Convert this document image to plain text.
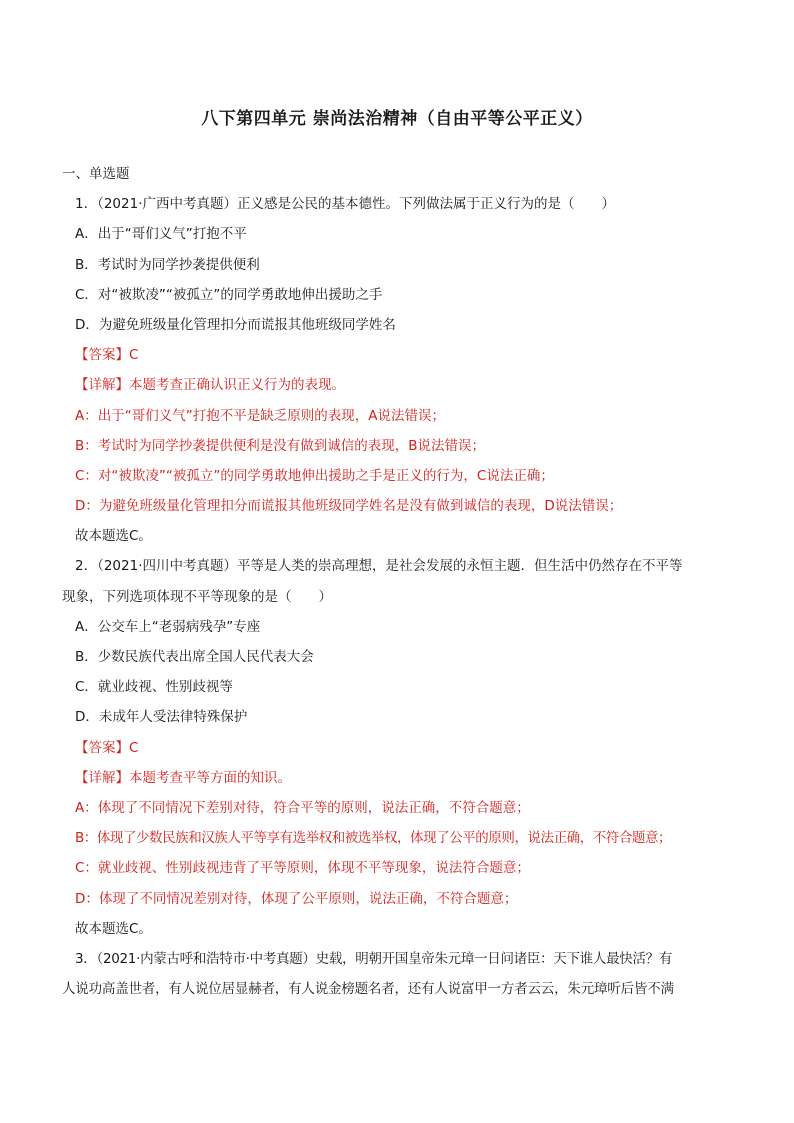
八下第四单元 崇尚法治精神（自由平等公平正义）
一、单选题
1．（2021·广西中考真题）正义感是公民的基本德性。下列做法属于正义行为的是（　　）
A．出于“哥们义气”打抱不平
B．考试时为同学抄袭提供便利
C．对“被欺凌”“被孤立”的同学勇敢地伸出援助之手
D．为避免班级量化管理扣分而谎报其他班级同学姓名
【答案】C
【详解】本题考查正确认识正义行为的表现。
A：出于“哥们义气”打抱不平是缺乏原则的表现，A说法错误；
B：考试时为同学抄袭提供便利是没有做到诚信的表现，B说法错误；
C：对“被欺凌”“被孤立”的同学勇敢地伸出援助之手是正义的行为，C说法正确；
D：为避免班级量化管理扣分而谎报其他班级同学姓名是没有做到诚信的表现，D说法错误；
故本题选C。
2．（2021·四川中考真题）平等是人类的崇高理想，是社会发展的永恒主题．但生活中仍然存在不平等
现象，下列选项体现不平等现象的是（　　）
A．公交车上“老弱病残孕”专座
B．少数民族代表出席全国人民代表大会
C．就业歧视、性别歧视等
D．未成年人受法律特殊保护
【答案】C
【详解】本题考查平等方面的知识。
A：体现了不同情况下差别对待，符合平等的原则，说法正确，不符合题意；
B：体现了少数民族和汉族人平等享有选举权和被选举权，体现了公平的原则，说法正确，不符合题意；
C：就业歧视、性别歧视违背了平等原则，体现不平等现象，说法符合题意；
D：体现了不同情况差别对待，体现了公平原则，说法正确，不符合题意；
故本题选C。
3．（2021·内蒙古呼和浩特市·中考真题）史载，明朝开国皇帝朱元璋一日问诸臣：天下谁人最快活？有
人说功高盖世者，有人说位居显赫者，有人说金榜题名者，还有人说富甲一方者云云，朱元璋听后皆不满
